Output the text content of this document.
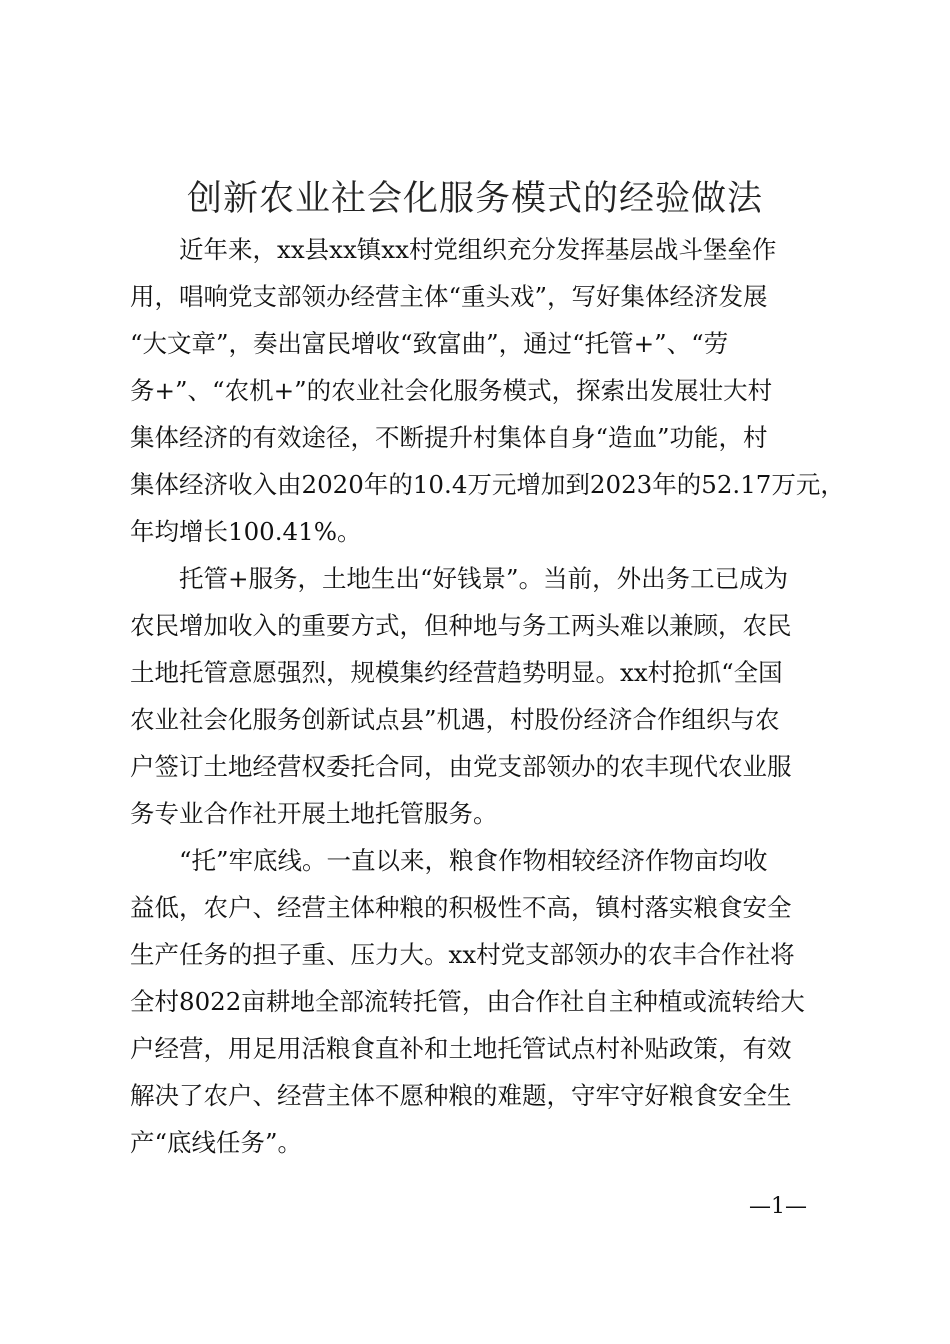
创新农业社会化服务模式的经验做法
近年来，xx县xx镇xx村党组织充分发挥基层战斗堡垒作
用，唱响党支部领办经营主体“重头戏”，写好集体经济发展
“大文章”，奏出富民增收“致富曲”，通过“托管+”、“劳
务+”、“农机+”的农业社会化服务模式，探索出发展壮大村
集体经济的有效途径，不断提升村集体自身“造血”功能，村
集体经济收入由2020年的10.4万元增加到2023年的52.17万元，
年均增长100.41%。
托管+服务，土地生出“好钱景”。当前，外出务工已成为
农民增加收入的重要方式，但种地与务工两头难以兼顾，农民
土地托管意愿强烈，规模集约经营趋势明显。xx村抢抓“全国
农业社会化服务创新试点县”机遇，村股份经济合作组织与农
户签订土地经营权委托合同，由党支部领办的农丰现代农业服
务专业合作社开展土地托管服务。
“托”牢底线。一直以来，粮食作物相较经济作物亩均收
益低，农户、经营主体种粮的积极性不高，镇村落实粮食安全
生产任务的担子重、压力大。xx村党支部领办的农丰合作社将
全村8022亩耕地全部流转托管，由合作社自主种植或流转给大
户经营，用足用活粮食直补和土地托管试点村补贴政策，有效
解决了农户、经营主体不愿种粮的难题，守牢守好粮食安全生
产“底线任务”。
—1—
